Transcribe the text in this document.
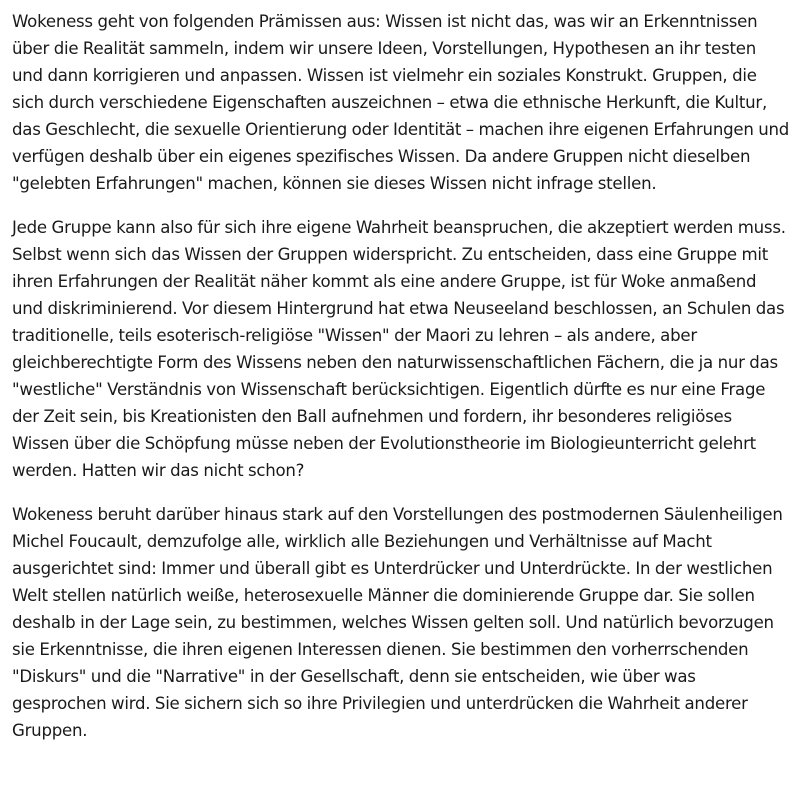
Wokeness geht von folgenden Prämissen aus: Wissen ist nicht das, was wir an Erkenntnissen über die Realität sammeln, indem wir unsere Ideen, Vorstellungen, Hypothesen an ihr testen und dann korrigieren und anpassen. Wissen ist vielmehr ein soziales Konstrukt. Gruppen, die sich durch verschiedene Eigenschaften auszeichnen – etwa die ethnische Herkunft, die Kultur, das Geschlecht, die sexuelle Orientierung oder Identität – machen ihre eigenen Erfahrungen und verfügen deshalb über ein eigenes spezifisches Wissen. Da andere Gruppen nicht dieselben "gelebten Erfahrungen" machen, können sie dieses Wissen nicht infrage stellen.

Jede Gruppe kann also für sich ihre eigene Wahrheit beanspruchen, die akzeptiert werden muss. Selbst wenn sich das Wissen der Gruppen widerspricht. Zu entscheiden, dass eine Gruppe mit ihren Erfahrungen der Realität näher kommt als eine andere Gruppe, ist für Woke anmaßend und diskriminierend. Vor diesem Hintergrund hat etwa Neuseeland beschlossen, an Schulen das traditionelle, teils esoterisch-religiöse "Wissen" der Maori zu lehren – als andere, aber gleichberechtigte Form des Wissens neben den naturwissenschaftlichen Fächern, die ja nur das "westliche" Verständnis von Wissenschaft berücksichtigen. Eigentlich dürfte es nur eine Frage der Zeit sein, bis Kreationisten den Ball aufnehmen und fordern, ihr besonderes religiöses Wissen über die Schöpfung müsse neben der Evolutionstheorie im Biologieunterricht gelehrt werden. Hatten wir das nicht schon?

Wokeness beruht darüber hinaus stark auf den Vorstellungen des postmodernen Säulenheiligen Michel Foucault, demzufolge alle, wirklich alle Beziehungen und Verhältnisse auf Macht ausgerichtet sind: Immer und überall gibt es Unterdrücker und Unterdrückte. In der westlichen Welt stellen natürlich weiße, heterosexuelle Männer die dominierende Gruppe dar. Sie sollen deshalb in der Lage sein, zu bestimmen, welches Wissen gelten soll. Und natürlich bevorzugen sie Erkenntnisse, die ihren eigenen Interessen dienen. Sie bestimmen den vorherrschenden "Diskurs" und die "Narrative" in der Gesellschaft, denn sie entscheiden, wie über was gesprochen wird. Sie sichern sich so ihre Privilegien und unterdrücken die Wahrheit anderer Gruppen.
